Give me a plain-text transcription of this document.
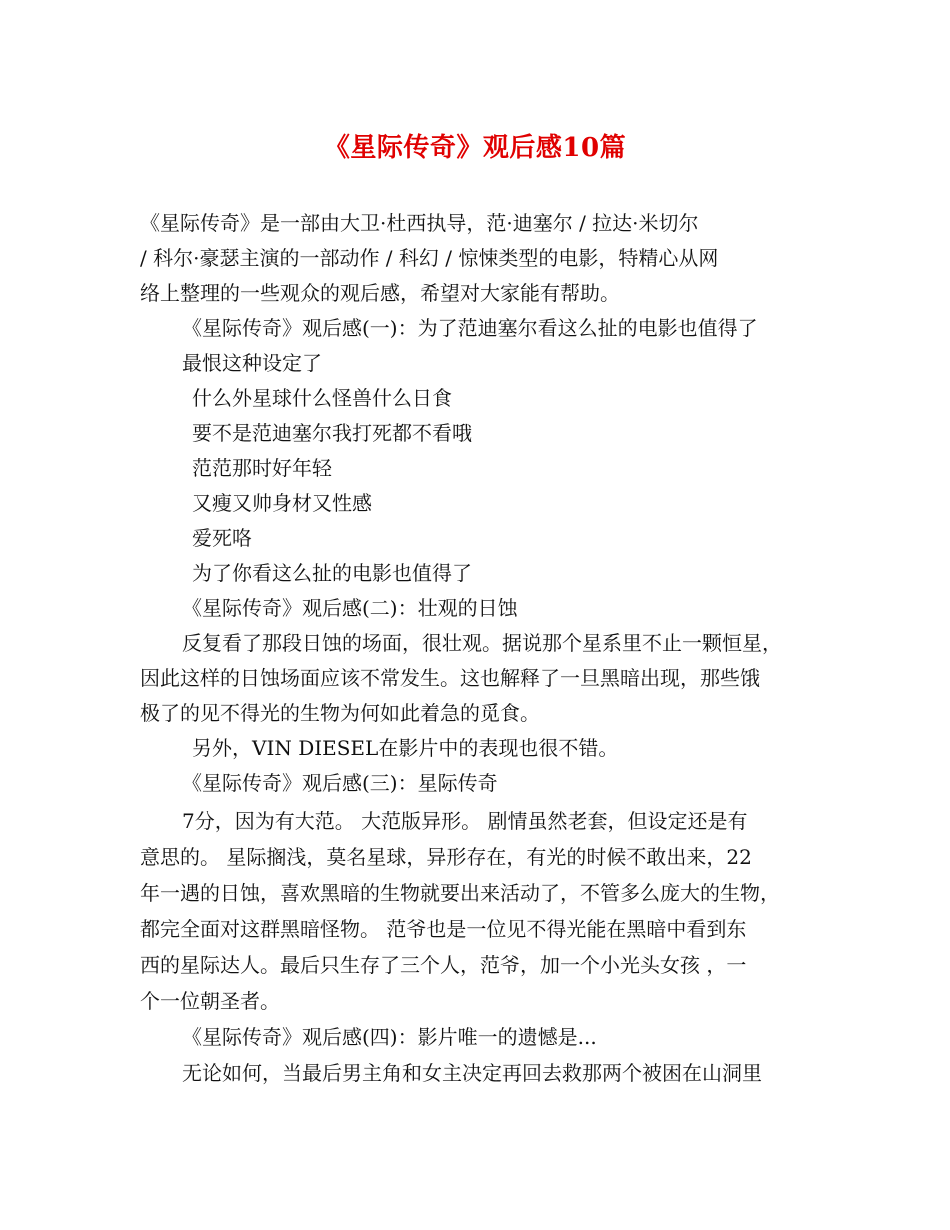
《星际传奇》观后感10篇
《星际传奇》是一部由大卫·杜西执导，范·迪塞尔 / 拉达·米切尔
/ 科尔·豪瑟主演的一部动作 / 科幻 / 惊悚类型的电影，特精心从网
络上整理的一些观众的观后感，希望对大家能有帮助。
《星际传奇》观后感(一)：为了范迪塞尔看这么扯的电影也值得了
最恨这种设定了
什么外星球什么怪兽什么日食
要不是范迪塞尔我打死都不看哦
范范那时好年轻
又瘦又帅身材又性感
爱死咯
为了你看这么扯的电影也值得了
《星际传奇》观后感(二)：壮观的日蚀
反复看了那段日蚀的场面，很壮观。据说那个星系里不止一颗恒星，
因此这样的日蚀场面应该不常发生。这也解释了一旦黑暗出现，那些饿
极了的见不得光的生物为何如此着急的觅食。
另外，VIN DIESEL在影片中的表现也很不错。
《星际传奇》观后感(三)：星际传奇
7分，因为有大范。 大范版异形。 剧情虽然老套，但设定还是有
意思的。 星际搁浅，莫名星球，异形存在，有光的时候不敢出来，22
年一遇的日蚀，喜欢黑暗的生物就要出来活动了，不管多么庞大的生物，
都完全面对这群黑暗怪物。 范爷也是一位见不得光能在黑暗中看到东
西的星际达人。最后只生存了三个人，范爷，加一个小光头女孩 ，一
个一位朝圣者。
《星际传奇》观后感(四)：影片唯一的遗憾是...
无论如何，当最后男主角和女主决定再回去救那两个被困在山洞里
